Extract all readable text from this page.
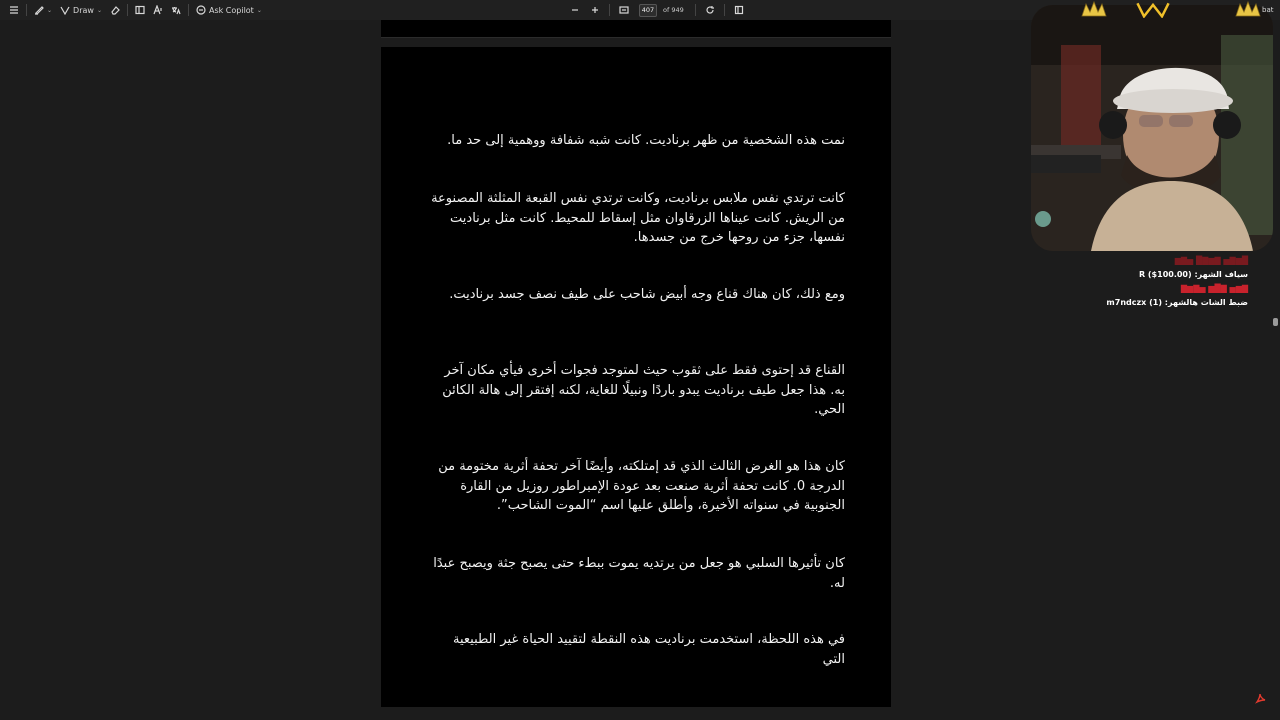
⌄	Draw ⌄	Ask Copilot ⌄
407	of 949

نمت هذه الشخصية من ظهر برناديت. كانت شبه شفافة ووهمية إلى حد ما.

كانت ترتدي نفس ملابس برناديت، وكانت ترتدي نفس القبعة المثلثة المصنوعة من الريش. كانت عيناها الزرقاوان مثل إسقاط للمحيط. كانت مثل برناديت نفسها، جزء من روحها خرج من جسدها.

ومع ذلك، كان هناك قناع وجه أبيض شاحب على طيف نصف جسد برناديت.

القناع قد إحتوى فقط على ثقوب حيث لمتوجد فجوات أخرى فيأي مكان آخر به. هذا جعل طيف برناديت يبدو باردًا ونبيلًا للغاية، لكنه إفتقر إلى هالة الكائن الحي.

كان هذا هو الغرض الثالث الذي قد إمتلكته، وأيضًا آخر تحفة أثرية مختومة من الدرجة 0. كانت تحفة أثرية صنعت بعد عودة الإمبراطور روزيل من القارة الجنوبية في سنواته الأخيرة، وأطلق عليها اسم “الموت الشاحب”.

كان تأثيرها السلبي هو جعل من يرتديه يموت ببطء حتى يصبح جثة ويصبح عبدًا له.

في هذه اللحظة، استخدمت برناديت هذه النقطة لتقييد الحياة غير الطبيعية التي

bat
█▆▇▅ ▇▆▇█ ▅▇▆
سياف الشهر: (100.00$) R
▇▆▅ ▇█▆ ▅▇▆▇
ضبط الشات هالشهر: (1) m7ndczx
